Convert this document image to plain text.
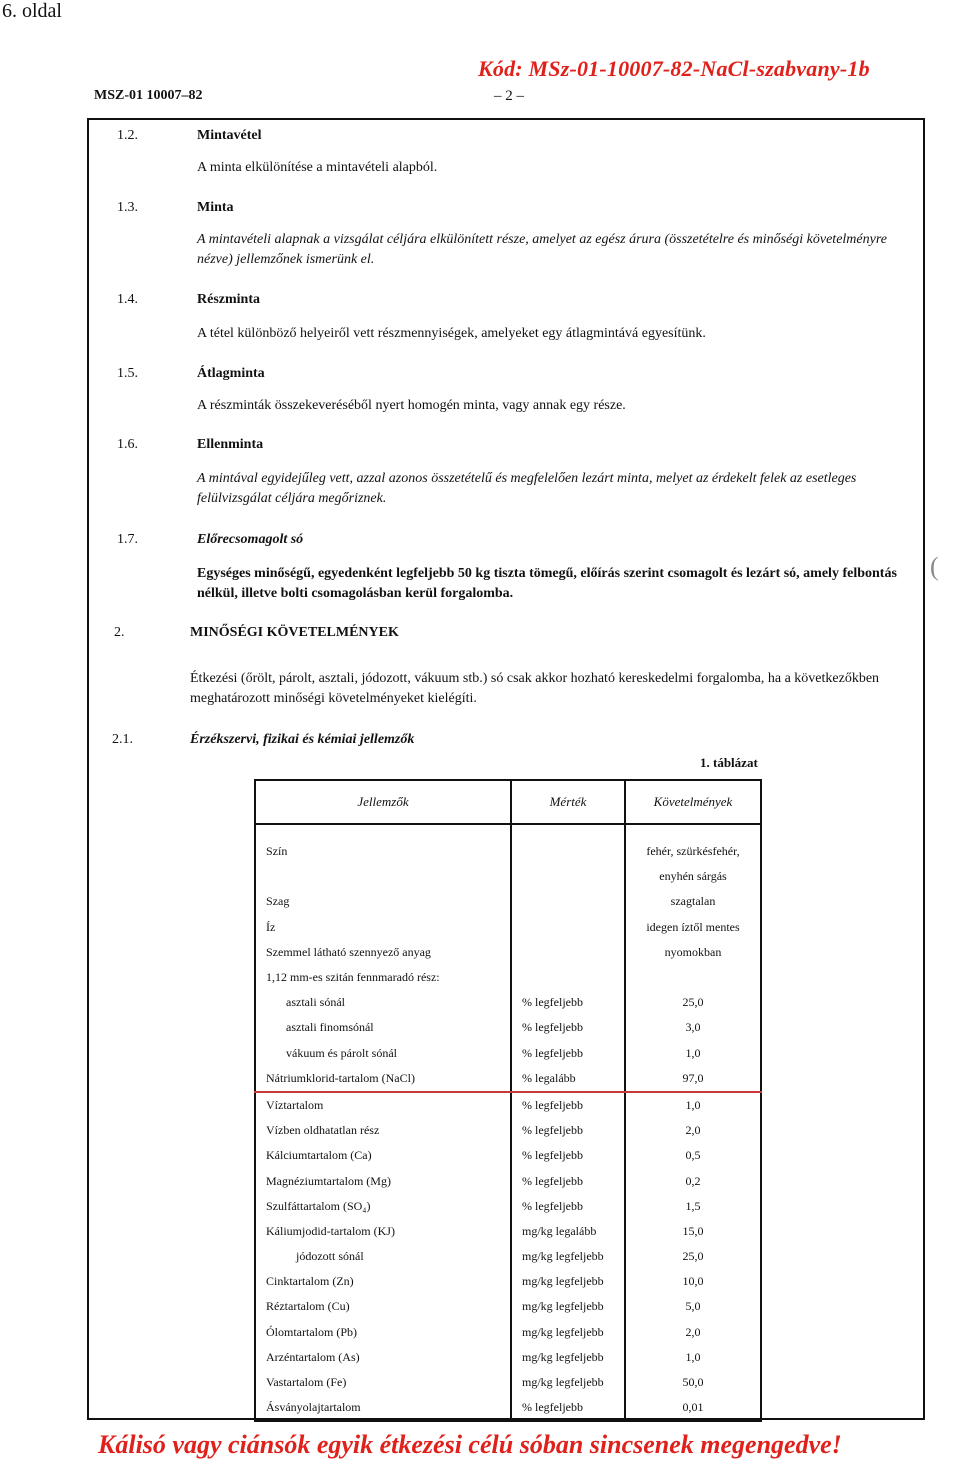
6. oldal
Kód: MSz-01-10007-82-NaCl-szabvany-1b
MSZ-01 10007–82	– 2 –
1.2.	Mintavétel
A minta elkülönítése a mintavételi alapból.
1.3.	Minta
A mintavételi alapnak a vizsgálat céljára elkülönített része, amelyet az egész árura (összetételre és minőségi követelményre nézve) jellemzőnek ismerünk el.
1.4.	Részminta
A tétel különböző helyeiről vett részmennyiségek, amelyeket egy átlagmintává egyesítünk.
1.5.	Átlagminta
A részminták összekeveréséből nyert homogén minta, vagy annak egy része.
1.6.	Ellenminta
A mintával egyidejűleg vett, azzal azonos összetételű és megfelelően lezárt minta, melyet az érdekelt felek az esetleges felülvizsgálat céljára megőriznek.
1.7.	Előrecsomagolt só
Egységes minőségű, egyedenként legfeljebb 50 kg tiszta tömegű, előírás szerint csomagolt és lezárt só, amely felbontás nélkül, illetve bolti csomagolásban kerül forgalomba.
2.	MINŐSÉGI KÖVETELMÉNYEK
Étkezési (őrölt, párolt, asztali, jódozott, vákuum stb.) só csak akkor hozható kereskedelmi forgalomba, ha a következőkben meghatározott minőségi követelményeket kielégíti.
2.1.	Érzékszervi, fizikai és kémiai jellemzők
1. táblázat
Jellemzők	Mérték	Követelmények
Szín		fehér, szürkésfehér,
		enyhén sárgás
Szag		szagtalan
Íz		idegen íztől mentes
Szemmel látható szennyező anyag		nyomokban
1,12 mm-es szitán fennmaradó rész:		
asztali sónál	% legfeljebb	25,0
asztali finomsónál	% legfeljebb	3,0
vákuum és párolt sónál	% legfeljebb	1,0
Nátriumklorid-tartalom (NaCl)	% legalább	97,0
Víztartalom	% legfeljebb	1,0
Vízben oldhatatlan rész	% legfeljebb	2,0
Kálciumtartalom (Ca)	% legfeljebb	0,5
Magnéziumtartalom (Mg)	% legfeljebb	0,2
Szulfáttartalom (SO₄)	% legfeljebb	1,5
Káliumjodid-tartalom (KJ)	mg/kg legalább	15,0
jódozott sónál	mg/kg legfeljebb	25,0
Cinktartalom (Zn)	mg/kg legfeljebb	10,0
Réztartalom (Cu)	mg/kg legfeljebb	5,0
Ólomtartalom (Pb)	mg/kg legfeljebb	2,0
Arzéntartalom (As)	mg/kg legfeljebb	1,0
Vastartalom (Fe)	mg/kg legfeljebb	50,0
Ásványolajtartalom	% legfeljebb	0,01
(
Kálisó vagy ciánsók egyik étkezési célú sóban sincsenek megengedve!
